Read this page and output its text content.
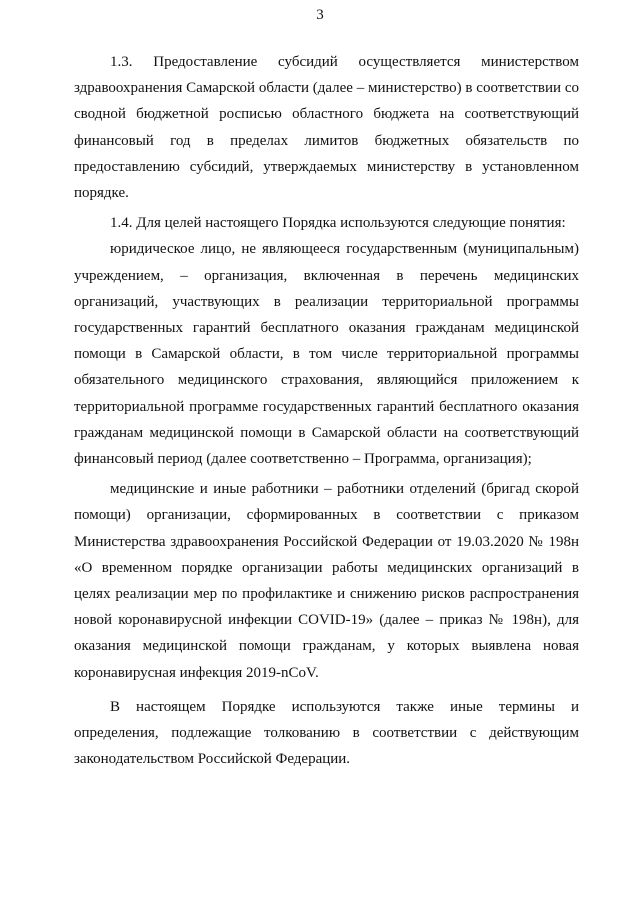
3

1.3. Предоставление субсидий осуществляется министерством здравоохранения Самарской области (далее – министерство) в соответствии со сводной бюджетной росписью областного бюджета на соответствующий финансовый год в пределах лимитов бюджетных обязательств по предоставлению субсидий, утверждаемых министерству в установленном порядке.

1.4. Для целей настоящего Порядка используются следующие понятия:

юридическое лицо, не являющееся государственным (муниципальным) учреждением, – организация, включенная в перечень медицинских организаций, участвующих в реализации территориальной программы государственных гарантий бесплатного оказания гражданам медицинской помощи в Самарской области, в том числе территориальной программы обязательного медицинского страхования, являющийся приложением к территориальной программе государственных гарантий бесплатного оказания гражданам медицинской помощи в Самарской области на соответствующий финансовый период (далее соответственно – Программа, организация);

медицинские и иные работники – работники отделений (бригад скорой помощи) организации, сформированных в соответствии с приказом Министерства здравоохранения Российской Федерации от 19.03.2020 № 198н «О временном порядке организации работы медицинских организаций в целях реализации мер по профилактике и снижению рисков распространения новой коронавирусной инфекции COVID-19» (далее – приказ № 198н), для оказания медицинской помощи гражданам, у которых выявлена новая коронавирусная инфекция 2019-nCoV.

В настоящем Порядке используются также иные термины и определения, подлежащие толкованию в соответствии с действующим законодательством Российской Федерации.
